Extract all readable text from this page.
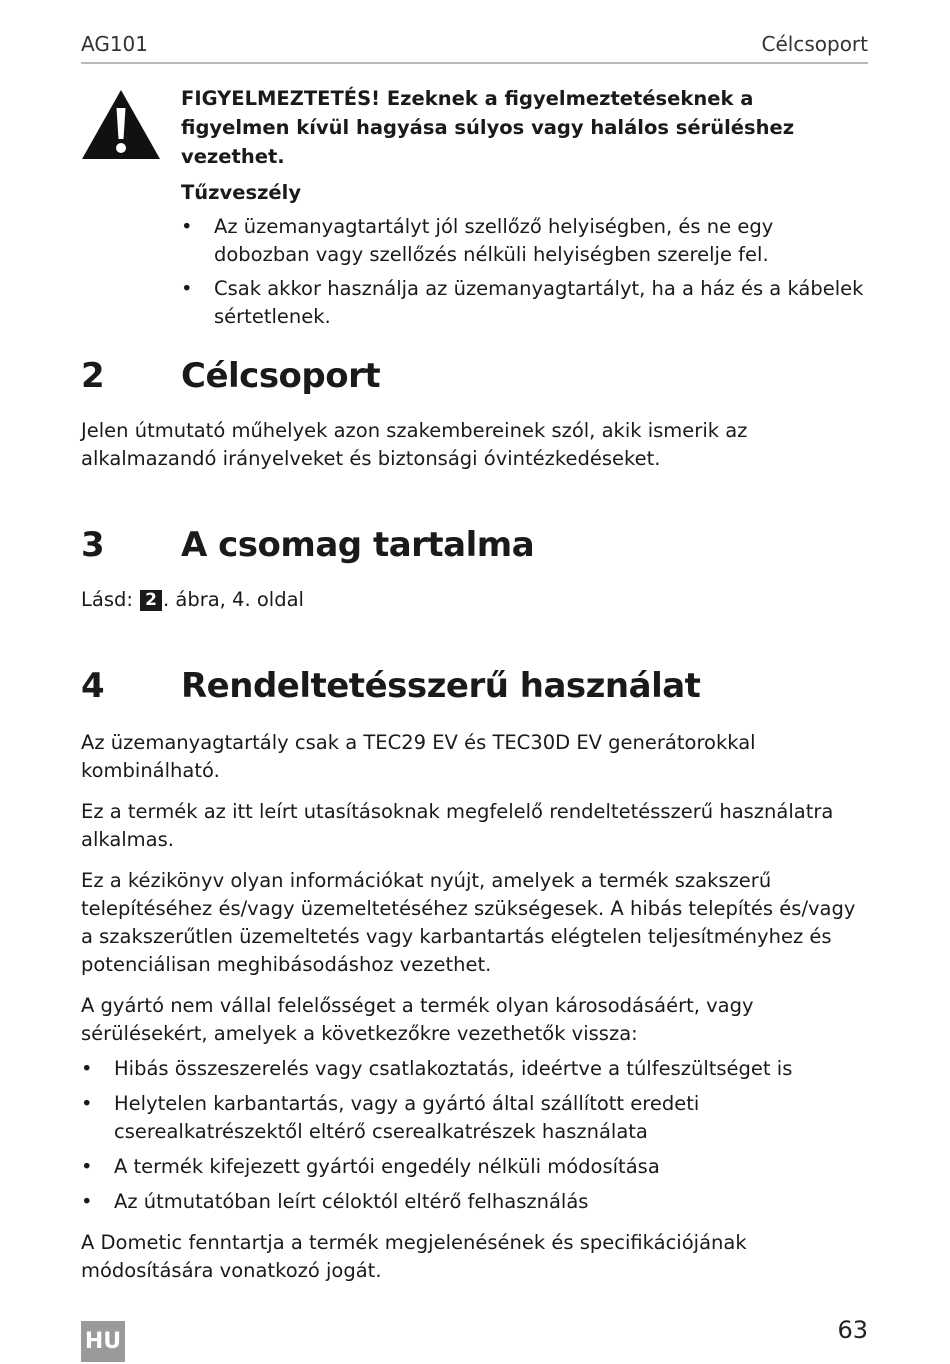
AG101	Célcsoport

FIGYELMEZTETÉS! Ezeknek a figyelmeztetéseknek a figyelmen kívül hagyása súlyos vagy halálos sérüléshez vezethet.

Tűzveszély

• Az üzemanyagtartályt jól szellőző helyiségben, és ne egy dobozban vagy szellőzés nélküli helyiségben szerelje fel.
• Csak akkor használja az üzemanyagtartályt, ha a ház és a kábelek sértetlenek.
2 Célcsoport

Jelen útmutató műhelyek azon szakembereinek szól, akik ismerik az alkalmazandó irányelveket és biztonsági óvintézkedéseket.

3 A csomag tartalma

Lásd: 2 . ábra, 4. oldal

4 Rendeltetésszerű használat

Az üzemanyagtartály csak a TEC29 EV és TEC30D EV generátorokkal kombinálható.

Ez a termék az itt leírt utasításoknak megfelelő rendeltetésszerű használatra alkalmas.

Ez a kézikönyv olyan információkat nyújt, amelyek a termék szakszerű telepítéséhez és/vagy üzemeltetéséhez szükségesek. A hibás telepítés és/vagy a szakszerűtlen üzemeltetés vagy karbantartás elégtelen teljesítményhez és potenciálisan meghibásodáshoz vezethet.

A gyártó nem vállal felelősséget a termék olyan károsodásáért, vagy sérülésekért, amelyek a következőkre vezethetők vissza:

• Hibás összeszerelés vagy csatlakoztatás, ideértve a túlfeszültséget is
• Helytelen karbantartás, vagy a gyártó által szállított eredeti cserealkatrészektől eltérő cserealkatrészek használata
• A termék kifejezett gyártói engedély nélküli módosítása
• Az útmutatóban leírt céloktól eltérő felhasználás

A Dometic fenntartja a termék megjelenésének és specifikációjának módosítására vonatkozó jogát.

HU	63
